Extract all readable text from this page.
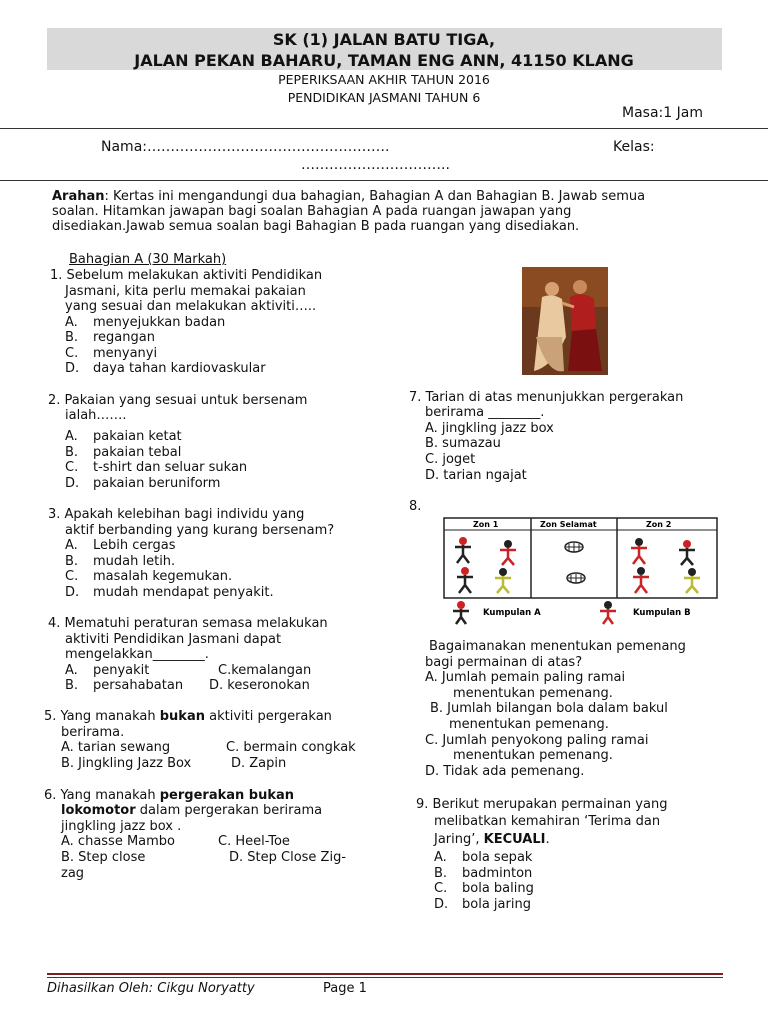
SK (1) JALAN BATU TIGA,
JALAN PEKAN BAHARU, TAMAN ENG ANN, 41150 KLANG
PEPERIKSAAN AKHIR TAHUN 2016
PENDIDIKAN JASMANI TAHUN 6
Masa:1 Jam
Nama:…………………………………………….
…………………………..
Kelas:
Arahan: Kertas ini mengandungi dua bahagian, Bahagian A dan Bahagian B. Jawab semua
soalan. Hitamkan jawapan bagi soalan Bahagian A pada ruangan jawapan yang
disediakan.Jawab semua soalan bagi Bahagian B pada ruangan yang disediakan.
Bahagian A (30 Markah)
1. Sebelum melakukan aktiviti Pendidikan
Jasmani, kita perlu memakai pakaian
yang sesuai dan melakukan aktiviti…..
A. menyejukkan badan
B. regangan
C. menyanyi
D. daya tahan kardiovaskular
2. Pakaian yang sesuai untuk bersenam
ialah…….
A. pakaian ketat
B. pakaian tebal
C. t-shirt dan seluar sukan
D. pakaian beruniform
3. Apakah kelebihan bagi individu yang
aktif berbanding yang kurang bersenam?
A. Lebih cergas
B. mudah letih.
C. masalah kegemukan.
D. mudah mendapat penyakit.
4. Mematuhi peraturan semasa melakukan
aktiviti Pendidikan Jasmani dapat
mengelakkan________.
A. penyakit	C.kemalangan
B. persahabatan D. keseronokan
5. Yang manakah bukan aktiviti pergerakan
berirama.
A. tarian sewang	C. bermain congkak
B. Jingkling Jazz Box	D. Zapin
6. Yang manakah pergerakan bukan
lokomotor dalam pergerakan berirama
jingkling jazz box .
A. chasse Mambo	C. Heel-Toe
B. Step close	D. Step Close Zig-
zag
7. Tarian di atas menunjukkan pergerakan
berirama ________.
A. jingkling jazz box
B. sumazau
C. joget
D. tarian ngajat
8.
Zon 1	Zon Selamat	Zon 2
Kumpulan A	Kumpulan B
Bagaimanakan menentukan pemenang
bagi permainan di atas?
A. Jumlah pemain paling ramai
menentukan pemenang.
B. Jumlah bilangan bola dalam bakul
menentukan pemenang.
C. Jumlah penyokong paling ramai
menentukan pemenang.
D. Tidak ada pemenang.
9. Berikut merupakan permainan yang
melibatkan kemahiran ‘Terima dan
Jaring’, KECUALI.
A. bola sepak
B. badminton
C. bola baling
D. bola jaring
Dihasilkan Oleh: Cikgu Noryatty	Page 1
